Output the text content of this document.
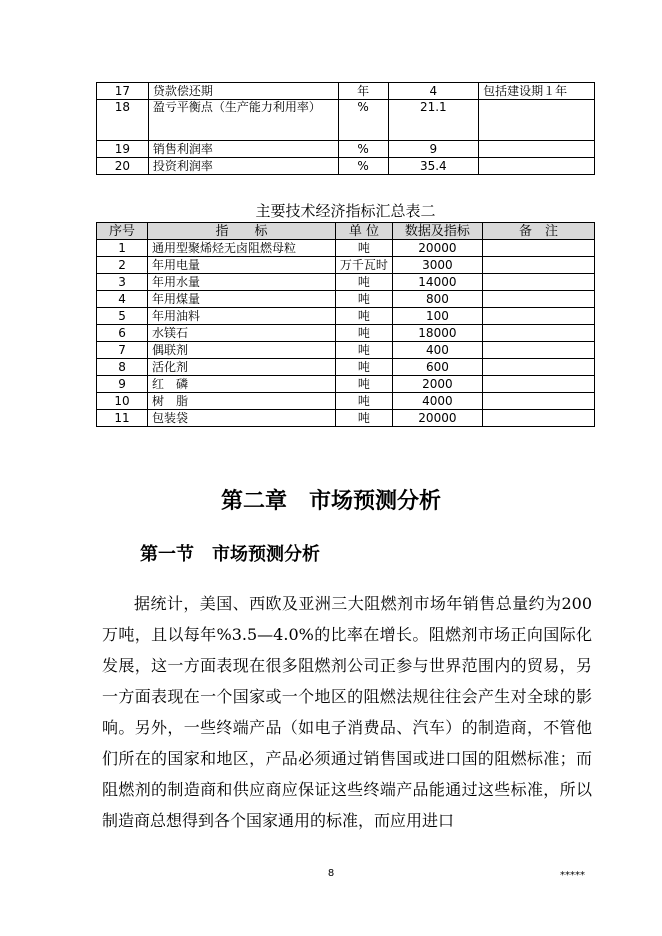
17	贷款偿还期	年	4	包括建设期１年
18	盈亏平衡点（生产能力利用率）	%	21.1	
19	销售利润率	%	9	
20	投资利润率	%	35.4	
主要技术经济指标汇总表二
序号	指　　标	单 位	数据及指标	备　注
1	通用型聚烯烃无卤阻燃母粒	吨	20000	
2	年用电量	万千瓦时	3000	
3	年用水量	吨	14000	
4	年用煤量	吨	800	
5	年用油料	吨	100	
6	水镁石	吨	18000	
7	偶联剂	吨	400	
8	活化剂	吨	600	
9	红　磷	吨	2000	
10	树　脂	吨	4000	
11	包装袋	吨	20000	
第二章　市场预测分析
第一节　市场预测分析

据统计，美国、西欧及亚洲三大阻燃剂市场年销售总量约为200万吨，且以每年%3.5—4.0%的比率在增长。阻燃剂市场正向国际化发展，这一方面表现在很多阻燃剂公司正参与世界范围内的贸易，另一方面表现在一个国家或一个地区的阻燃法规往往会产生对全球的影响。另外，一些终端产品（如电子消费品、汽车）的制造商，不管他们所在的国家和地区，产品必须通过销售国或进口国的阻燃标准；而阻燃剂的制造商和供应商应保证这些终端产品能通过这些标准，所以制造商总想得到各个国家通用的标准，而应用进口

8	*****
